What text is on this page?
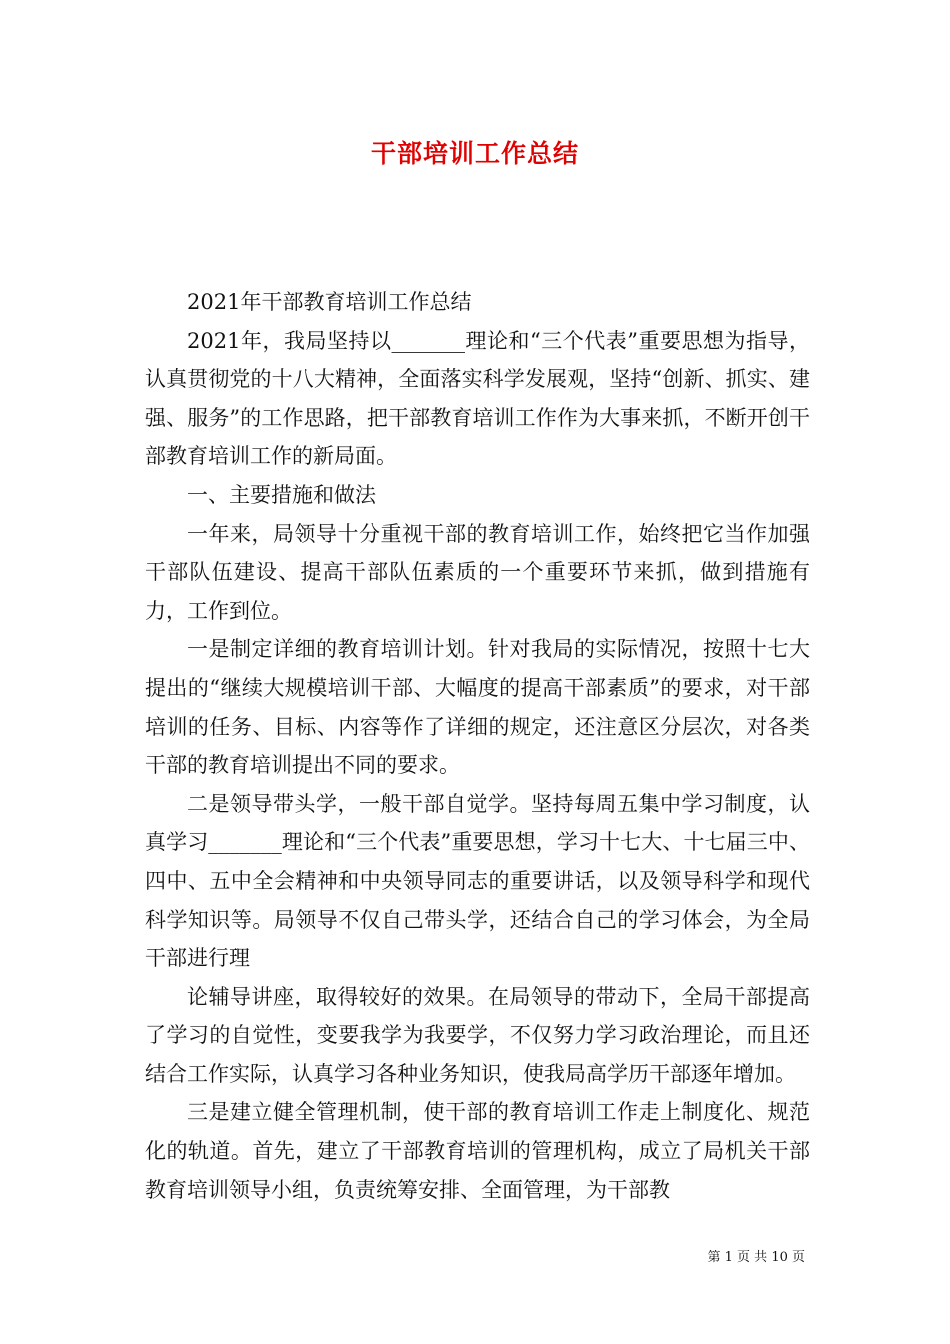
干部培训工作总结

2021年干部教育培训工作总结

2021年，我局坚持以_______理论和“三个代表”重要思想为指导，认真贯彻党的十八大精神，全面落实科学发展观，坚持“创新、抓实、建强、服务”的工作思路，把干部教育培训工作作为大事来抓，不断开创干部教育培训工作的新局面。

一、主要措施和做法

一年来，局领导十分重视干部的教育培训工作，始终把它当作加强干部队伍建设、提高干部队伍素质的一个重要环节来抓，做到措施有力，工作到位。

一是制定详细的教育培训计划。针对我局的实际情况，按照十七大提出的“继续大规模培训干部、大幅度的提高干部素质”的要求，对干部培训的任务、目标、内容等作了详细的规定，还注意区分层次，对各类干部的教育培训提出不同的要求。

二是领导带头学，一般干部自觉学。坚持每周五集中学习制度，认真学习_______理论和“三个代表”重要思想，学习十七大、十七届三中、四中、五中全会精神和中央领导同志的重要讲话，以及领导科学和现代科学知识等。局领导不仅自己带头学，还结合自己的学习体会，为全局干部进行理

论辅导讲座，取得较好的效果。在局领导的带动下，全局干部提高了学习的自觉性，变要我学为我要学，不仅努力学习政治理论，而且还结合工作实际，认真学习各种业务知识，使我局高学历干部逐年增加。

三是建立健全管理机制，使干部的教育培训工作走上制度化、规范化的轨道。首先，建立了干部教育培训的管理机构，成立了局机关干部教育培训领导小组，负责统筹安排、全面管理，为干部教

第 1 页 共 10 页
